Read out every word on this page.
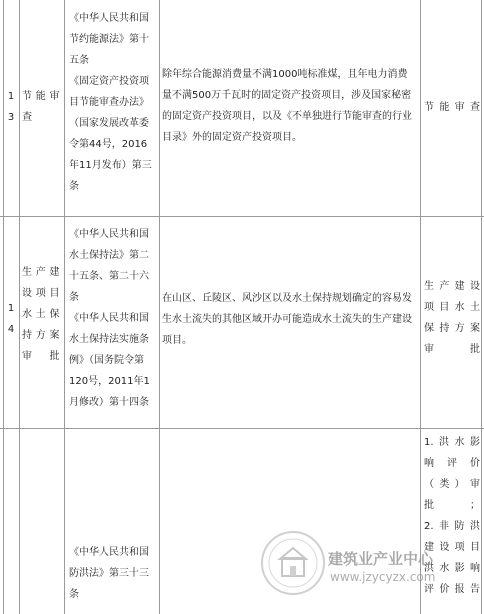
1
3
节能审
查
《中华人民共和国
节约能源法》第十
五条
《固定资产投资项
目节能审查办法》
（国家发展改革委
令第44号，2016
年11月发布）第三
条
除年综合能源消费量不满1000吨标准煤，且年电力消费
量不满500万千瓦时的固定资产投资项目，涉及国家秘密
的固定资产投资项目，以及《不单独进行节能审查的行业
目录》外的固定资产投资项目。
节能审查
1
4
生产建
设项目
水土保
持方案
审批
《中华人民共和国
水土保持法》第二
十五条、第二十六
条
《中华人民共和国
水土保持法实施条
例》（国务院令第
120号，2011年1
月修改）第十四条
在山区、丘陵区、风沙区以及水土保持规划确定的容易发
生水土流失的其他区域开办可能造成水土流失的生产建设
项目。
生产建设
项目水土
保持方案
审批
《中华人民共和国
防洪法》第三十三
条
1.洪水影
响评价
（类）审
批；
2.非防洪
建设项目
洪水影响
评价报告
建筑业产业中心
www.jzycyzx.com
